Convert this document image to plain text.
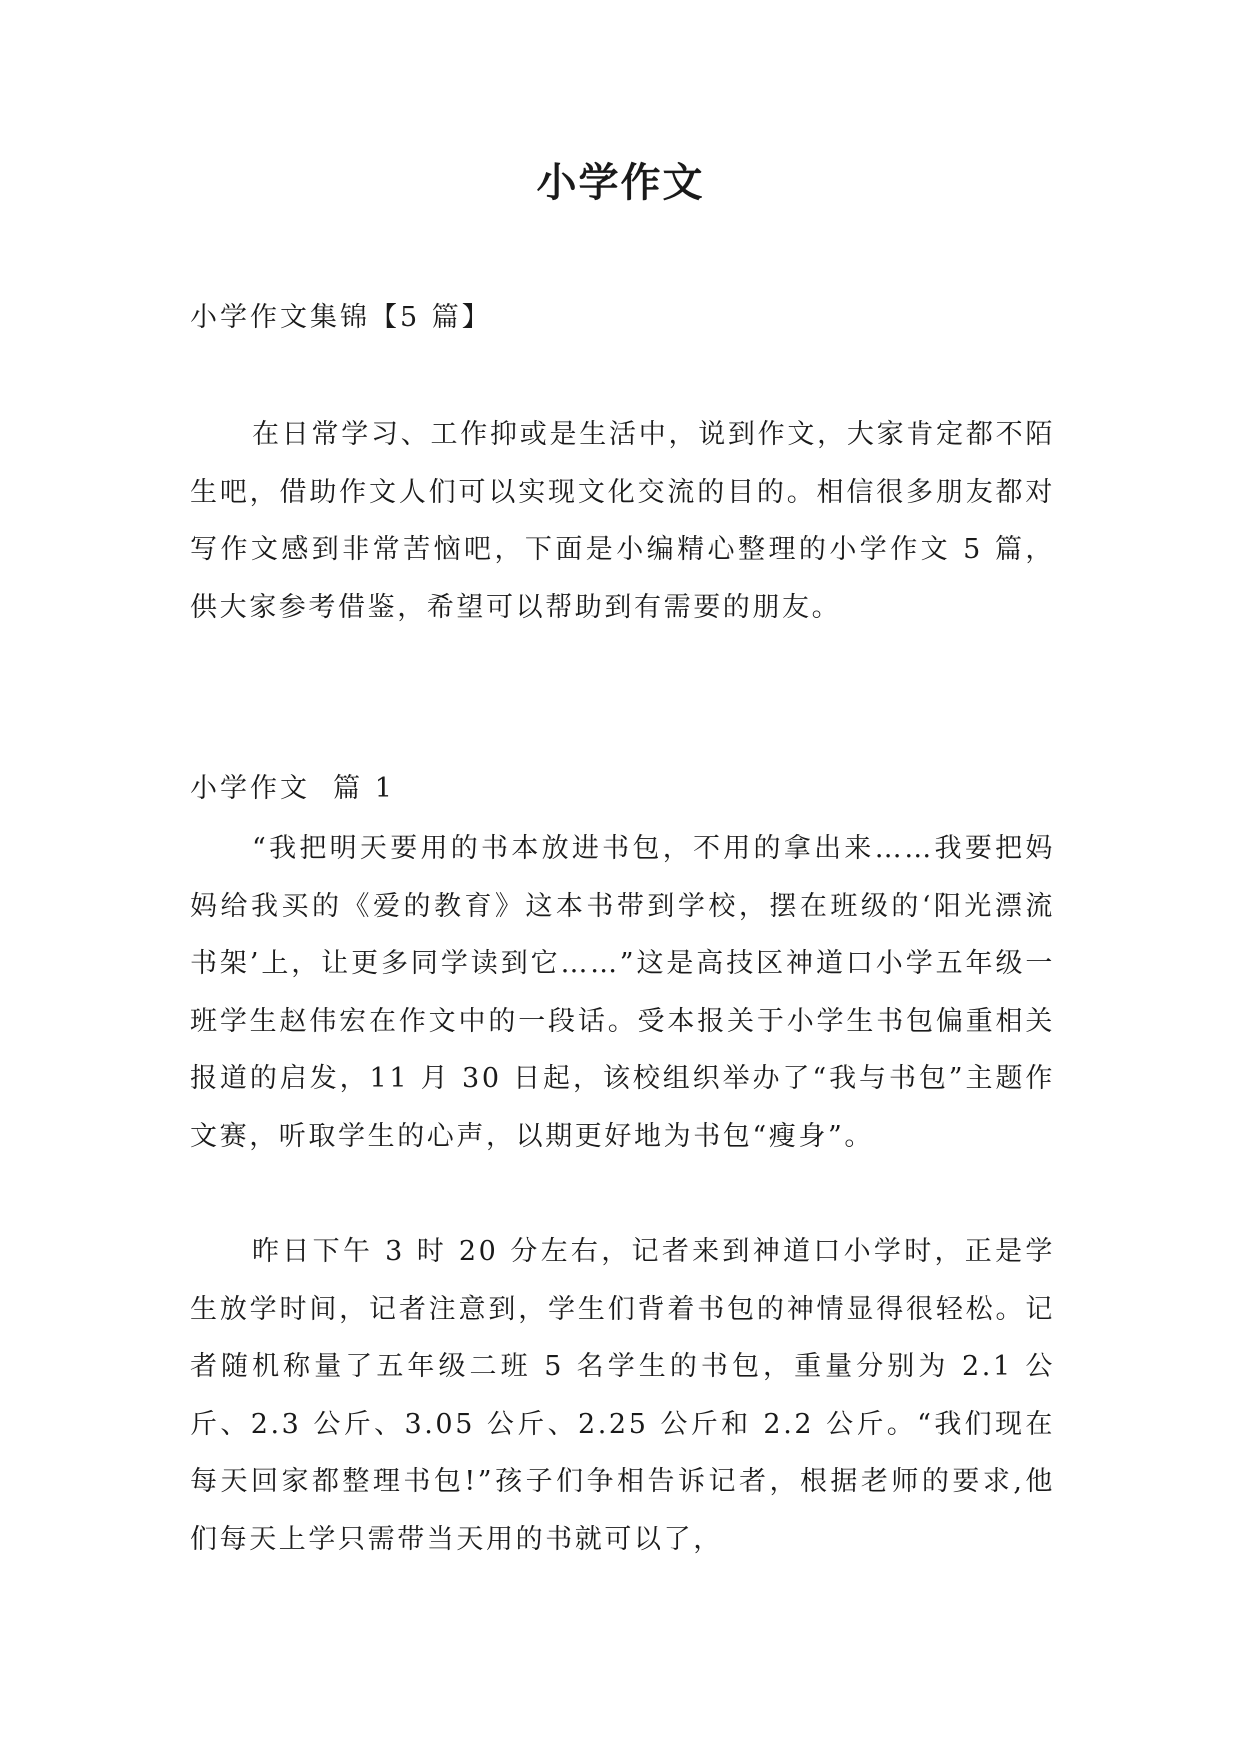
小学作文

小学作文集锦【5 篇】

在日常学习、工作抑或是生活中，说到作文，大家肯定都不陌生吧，借助作文人们可以实现文化交流的目的。相信很多朋友都对写作文感到非常苦恼吧，下面是小编精心整理的小学作文 5 篇，供大家参考借鉴，希望可以帮助到有需要的朋友。

小学作文  篇 1

“我把明天要用的书本放进书包，不用的拿出来……我要把妈妈给我买的《爱的教育》这本书带到学校，摆在班级的‘阳光漂流书架’上，让更多同学读到它……”这是高技区神道口小学五年级一班学生赵伟宏在作文中的一段话。受本报关于小学生书包偏重相关报道的启发，11 月 30 日起，该校组织举办了“我与书包”主题作文赛，听取学生的心声，以期更好地为书包“瘦身”。

昨日下午 3 时 20 分左右，记者来到神道口小学时，正是学生放学时间，记者注意到，学生们背着书包的神情显得很轻松。记者随机称量了五年级二班 5 名学生的书包，重量分别为 2.1 公斤、2.3 公斤、3.05 公斤、2.25 公斤和 2.2 公斤。“我们现在每天回家都整理书包!”孩子们争相告诉记者，根据老师的要求,他们每天上学只需带当天用的书就可以了，
